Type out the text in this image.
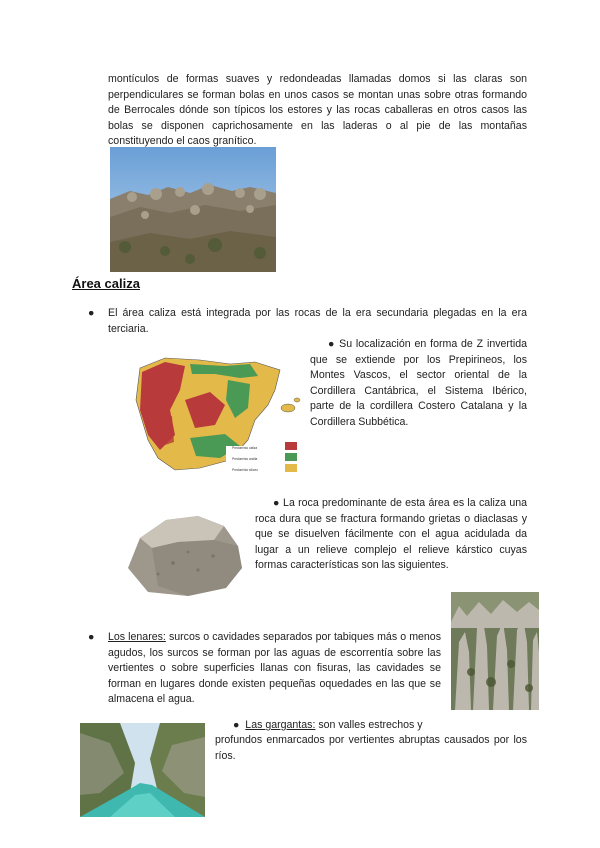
montículos de formas suaves y redondeadas llamadas domos si las claras son perpendiculares se forman bolas en unos casos se montan unas sobre otras formando de Berrocales dónde son típicos los estores y las rocas caballeras en otros casos las bolas se disponen caprichosamente en las laderas o al pie de las montañas constituyendo el caos granítico.
Área caliza
● El área caliza está integrada por las rocas de la era secundaria plegadas en la era terciaria.
Predominio caliza
Predominio arcilla
Predominio silíceo
● Su localización en forma de Z invertida que se extiende por los Prepirineos, los Montes Vascos, el sector oriental de la Cordillera Cantábrica, el Sistema Ibérico, parte de la cordillera Costero Catalana y la Cordillera Subbética.
● La roca predominante de esta área es la caliza una roca dura que se fractura formando grietas o diaclasas y que se disuelven fácilmente con el agua acidulada da lugar a un relieve complejo el relieve kárstico cuyas formas características son las siguientes.
● Los lenares: surcos o cavidades separados por tabiques más o menos agudos, los surcos se forman por las aguas de escorrentía sobre las vertientes o sobre superficies llanas con fisuras, las cavidades se forman en lugares donde existen pequeñas oquedades en las que se almacena el agua.
● Las gargantas: son valles estrechos y
profundos enmarcados por vertientes abruptas causados por los ríos.
